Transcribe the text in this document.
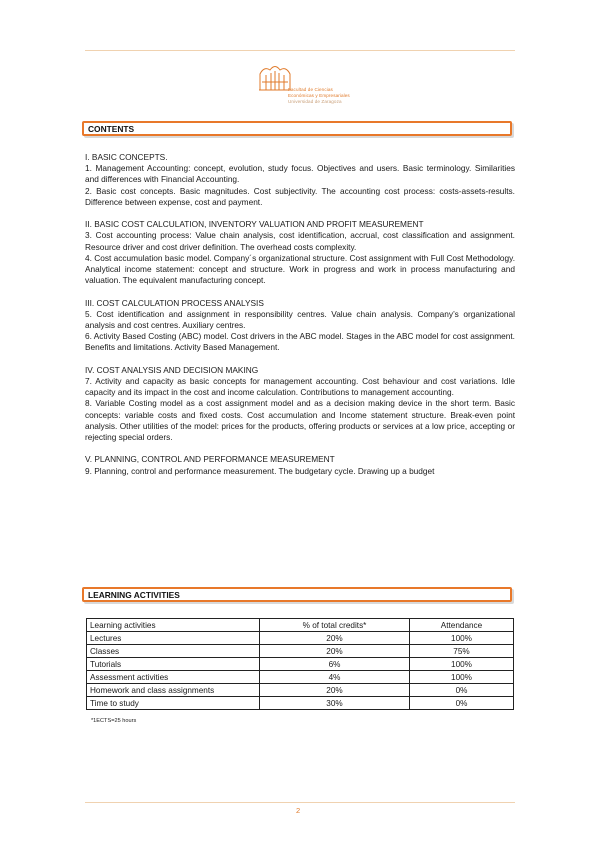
Facultad de Ciencias
Económicas y Empresariales
Universidad de Zaragoza
CONTENTS

I. BASIC CONCEPTS.

1. Management Accounting: concept, evolution, study focus. Objectives and users. Basic terminology. Similarities and differences with Financial Accounting.

2. Basic cost concepts. Basic magnitudes. Cost subjectivity. The accounting cost process: costs-assets-results. Difference between expense, cost and payment.

II. BASIC COST CALCULATION, INVENTORY VALUATION AND PROFIT MEASUREMENT

3. Cost accounting process: Value chain analysis, cost identification, accrual, cost classification and assignment. Resource driver and cost driver definition. The overhead costs complexity.

4. Cost accumulation basic model. Company´s organizational structure. Cost assignment with Full Cost Methodology. Analytical income statement: concept and structure. Work in progress and work in process manufacturing and valuation. The equivalent manufacturing concept.

III. COST CALCULATION PROCESS ANALYSIS

5. Cost identification and assignment in responsibility centres. Value chain analysis. Company’s organizational analysis and cost centres. Auxiliary centres.

6. Activity Based Costing (ABC) model. Cost drivers in the ABC model. Stages in the ABC model for cost assignment. Benefits and limitations. Activity Based Management.

IV. COST ANALYSIS AND DECISION MAKING

7. Activity and capacity as basic concepts for management accounting. Cost behaviour and cost variations. Idle capacity and its impact in the cost and income calculation. Contributions to management accounting.

8. Variable Costing model as a cost assignment model and as a decision making device in the short term. Basic concepts: variable costs and fixed costs. Cost accumulation and Income statement structure. Break-even point analysis. Other utilities of the model: prices for the products, offering products or services at a low price, accepting or rejecting special orders.

V. PLANNING, CONTROL AND PERFORMANCE MEASUREMENT

9. Planning, control and performance measurement. The budgetary cycle. Drawing up a budget

LEARNING ACTIVITIES
Learning activities	% of total credits*	Attendance
Lectures	20%	100%
Classes	20%	75%
Tutorials	6%	100%
Assessment activities	4%	100%
Homework and class assignments	20%	0%
Time to study	30%	0%
*1ECTS=25 hours
2
